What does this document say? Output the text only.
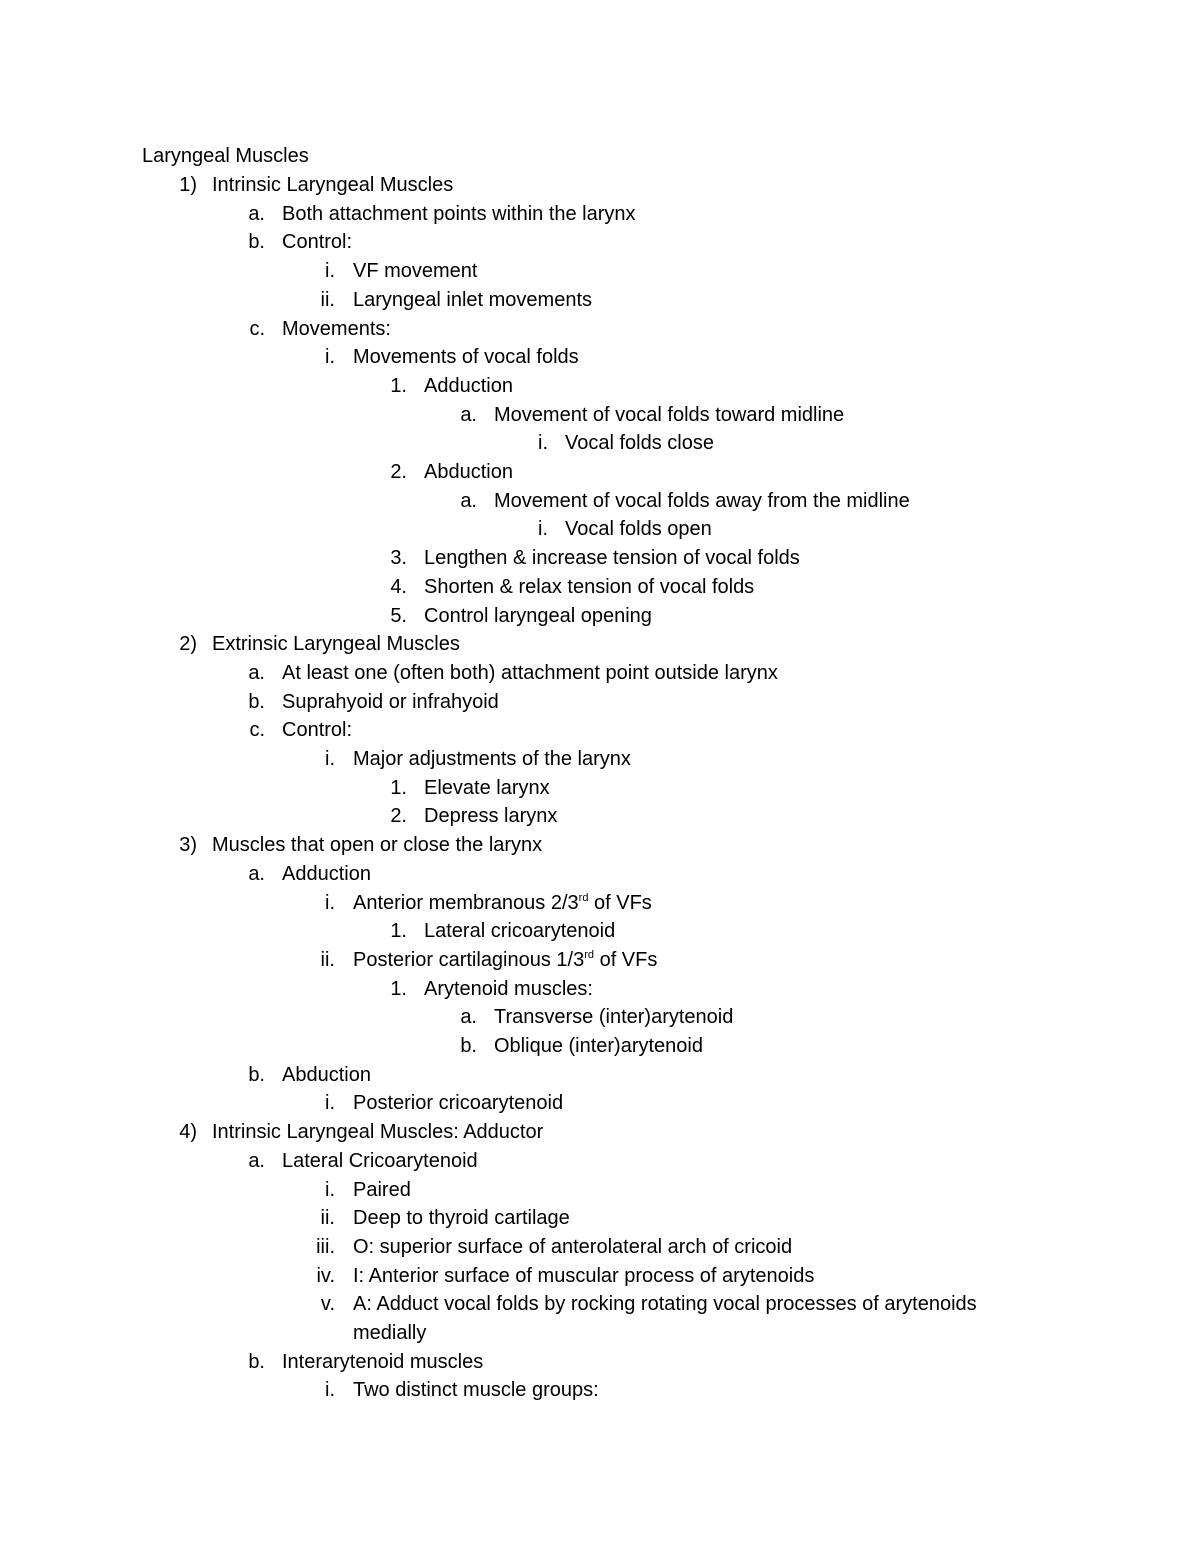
Laryngeal Muscles
1) Intrinsic Laryngeal Muscles
a. Both attachment points within the larynx
b. Control:
i. VF movement
ii. Laryngeal inlet movements
c. Movements:
i. Movements of vocal folds
1. Adduction
a. Movement of vocal folds toward midline
i. Vocal folds close
2. Abduction
a. Movement of vocal folds away from the midline
i. Vocal folds open
3. Lengthen & increase tension of vocal folds
4. Shorten & relax tension of vocal folds
5. Control laryngeal opening
2) Extrinsic Laryngeal Muscles
a. At least one (often both) attachment point outside larynx
b. Suprahyoid or infrahyoid
c. Control:
i. Major adjustments of the larynx
1. Elevate larynx
2. Depress larynx
3) Muscles that open or close the larynx
a. Adduction
i. Anterior membranous 2/3rd of VFs
1. Lateral cricoarytenoid
ii. Posterior cartilaginous 1/3rd of VFs
1. Arytenoid muscles:
a. Transverse (inter)arytenoid
b. Oblique (inter)arytenoid
b. Abduction
i. Posterior cricoarytenoid
4) Intrinsic Laryngeal Muscles: Adductor
a. Lateral Cricoarytenoid
i. Paired
ii. Deep to thyroid cartilage
iii. O: superior surface of anterolateral arch of cricoid
iv. I: Anterior surface of muscular process of arytenoids
v. A: Adduct vocal folds by rocking rotating vocal processes of arytenoids
medially
b. Interarytenoid muscles
i. Two distinct muscle groups:
